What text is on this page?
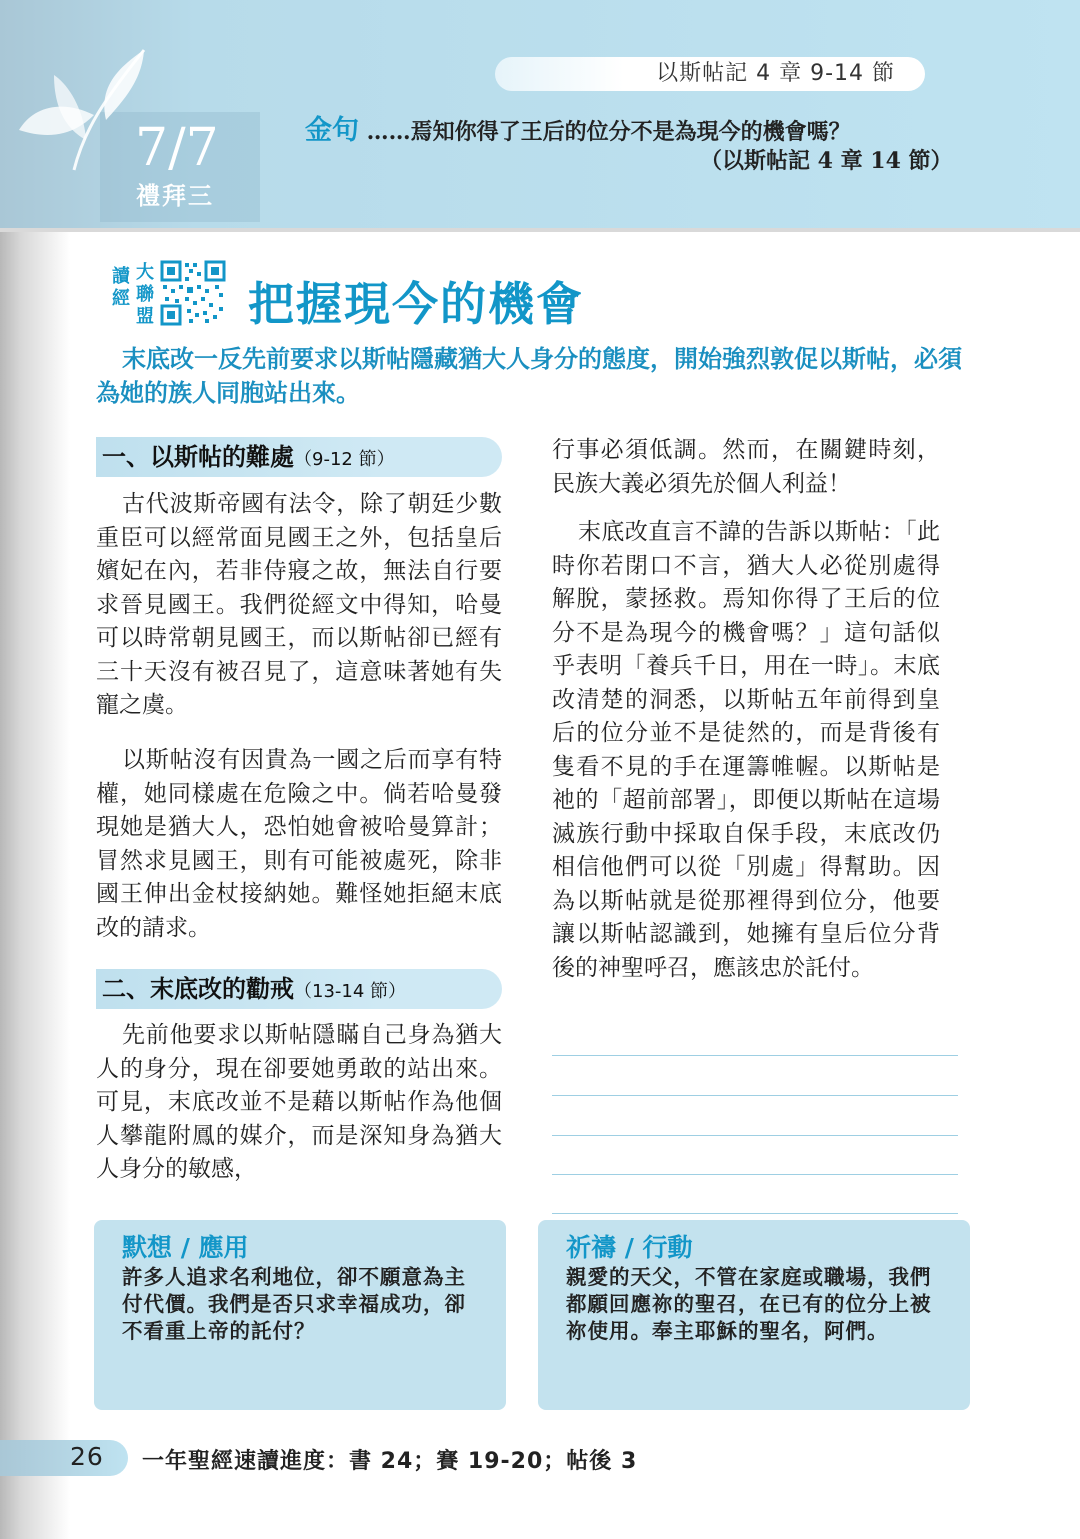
7/7
禮拜三
以斯帖記 4 章 9-14 節
金句 ……焉知你得了王后的位分不是為現今的機會嗎？
（以斯帖記 4 章 14 節）
讀經
大聯盟 把握現今的機會
末底改一反先前要求以斯帖隱藏猶大人身分的態度，開始強烈敦促以斯帖，必須為她的族人同胞站出來。
一、以斯帖的難處（9-12 節）
古代波斯帝國有法令，除了朝廷少數重臣可以經常面見國王之外，包括皇后嬪妃在內，若非侍寢之故，無法自行要求晉見國王。我們從經文中得知，哈曼可以時常朝見國王，而以斯帖卻已經有三十天沒有被召見了，這意味著她有失寵之虞。
以斯帖沒有因貴為一國之后而享有特權，她同樣處在危險之中。倘若哈曼發現她是猶大人，恐怕她會被哈曼算計；冒然求見國王，則有可能被處死，除非國王伸出金杖接納她。難怪她拒絕末底改的請求。
二、末底改的勸戒（13-14 節）
先前他要求以斯帖隱瞞自己身為猶大人的身分，現在卻要她勇敢的站出來。可見，末底改並不是藉以斯帖作為他個人攀龍附鳳的媒介，而是深知身為猶大人身分的敏感，
行事必須低調。然而，在關鍵時刻，民族大義必須先於個人利益！
末底改直言不諱的告訴以斯帖：「此時你若閉口不言，猶大人必從別處得解脫，蒙拯救。焉知你得了王后的位分不是為現今的機會嗎？」這句話似乎表明「養兵千日，用在一時」。末底改清楚的洞悉，以斯帖五年前得到皇后的位分並不是徒然的，而是背後有隻看不見的手在運籌帷幄。以斯帖是祂的「超前部署」，即便以斯帖在這場滅族行動中採取自保手段，末底改仍相信他們可以從「別處」得幫助。因為以斯帖就是從那裡得到位分，他要讓以斯帖認識到，她擁有皇后位分背後的神聖呼召，應該忠於託付。
默想 / 應用
許多人追求名利地位，卻不願意為主付代價。我們是否只求幸福成功，卻不看重上帝的託付？
祈禱 / 行動
親愛的天父，不管在家庭或職場，我們都願回應祢的聖召，在已有的位分上被祢使用。奉主耶穌的聖名，阿們。
26 一年聖經速讀進度：書 24；賽 19-20；帖後 3
